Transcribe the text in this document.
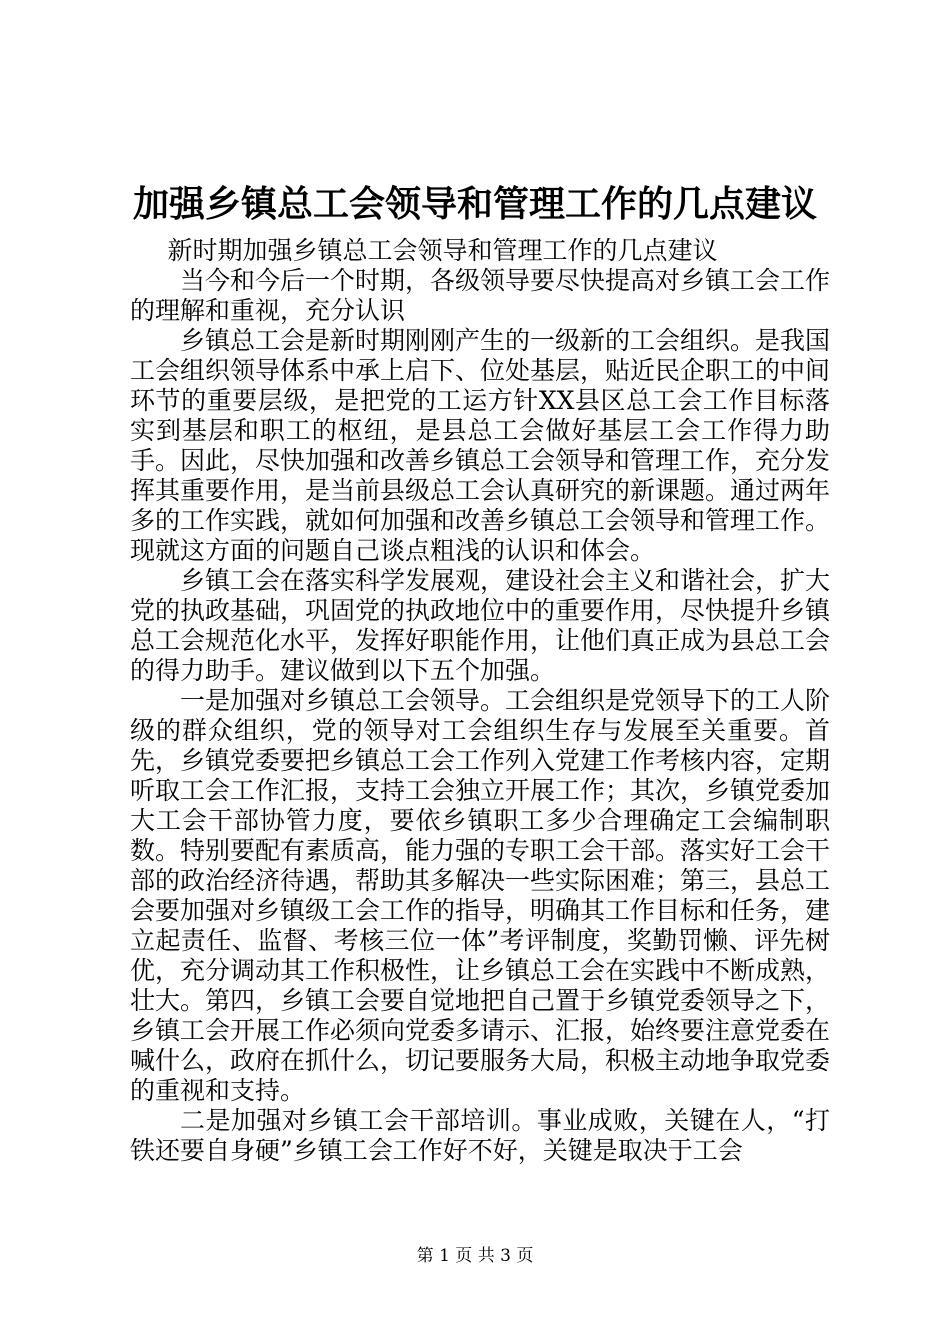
加强乡镇总工会领导和管理工作的几点建议

新时期加强乡镇总工会领导和管理工作的几点建议

当今和今后一个时期，各级领导要尽快提高对乡镇工会工作的理解和重视，充分认识

乡镇总工会是新时期刚刚产生的一级新的工会组织。是我国工会组织领导体系中承上启下、位处基层，贴近民企职工的中间环节的重要层级，是把党的工运方针XX县区总工会工作目标落实到基层和职工的枢纽，是县总工会做好基层工会工作得力助手。因此，尽快加强和改善乡镇总工会领导和管理工作，充分发挥其重要作用，是当前县级总工会认真研究的新课题。通过两年多的工作实践，就如何加强和改善乡镇总工会领导和管理工作。现就这方面的问题自己谈点粗浅的认识和体会。

乡镇工会在落实科学发展观，建设社会主义和谐社会，扩大党的执政基础，巩固党的执政地位中的重要作用，尽快提升乡镇总工会规范化水平，发挥好职能作用，让他们真正成为县总工会的得力助手。建议做到以下五个加强。

一是加强对乡镇总工会领导。工会组织是党领导下的工人阶级的群众组织，党的领导对工会组织生存与发展至关重要。首先，乡镇党委要把乡镇总工会工作列入党建工作考核内容，定期听取工会工作汇报，支持工会独立开展工作；其次，乡镇党委加大工会干部协管力度，要依乡镇职工多少合理确定工会编制职数。特别要配有素质高，能力强的专职工会干部。落实好工会干部的政治经济待遇，帮助其多解决一些实际困难；第三，县总工会要加强对乡镇级工会工作的指导，明确其工作目标和任务，建立起责任、监督、考核三位一体”考评制度，奖勤罚懒、评先树优，充分调动其工作积极性，让乡镇总工会在实践中不断成熟，壮大。第四，乡镇工会要自觉地把自己置于乡镇党委领导之下，乡镇工会开展工作必须向党委多请示、汇报，始终要注意党委在喊什么，政府在抓什么，切记要服务大局，积极主动地争取党委的重视和支持。

二是加强对乡镇工会干部培训。事业成败，关键在人，“打铁还要自身硬”乡镇工会工作好不好，关键是取决于工会

第 1 页 共 3 页
